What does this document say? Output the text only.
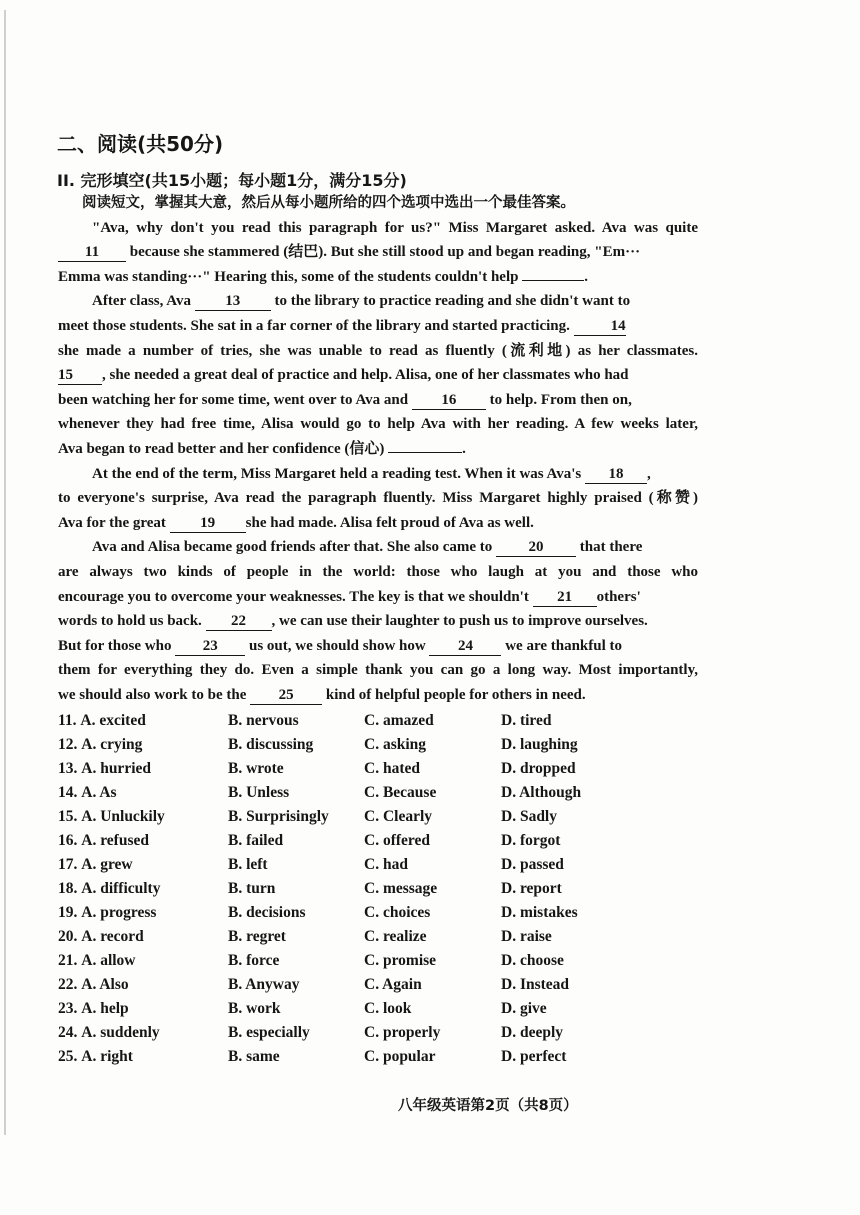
二、阅读(共50分)
II. 完形填空(共15小题；每小题1分，满分15分)
阅读短文，掌握其大意，然后从每小题所给的四个选项中选出一个最佳答案。
"Ava, why don't you read this paragraph for us?" Miss Margaret asked. Ava was quite
11 because she stammered (结巴). But she still stood up and began reading, "Em···
Emma was standing···" Hearing this, some of the students couldn't help	.
After class, Ava 13 to the library to practice reading and she didn't want to
meet those students. She sat in a far corner of the library and started practicing.	14
she made a number of tries, she was unable to read as fluently (流利地) as her classmates.
15 , she needed a great deal of practice and help. Alisa, one of her classmates who had
been watching her for some time, went over to Ava and 16 to help. From then on,
whenever they had free time, Alisa would go to help Ava with her reading. A few weeks later,
Ava began to read better and her confidence (信心)	.
At the end of the term, Miss Margaret held a reading test. When it was Ava's 18 ,
to everyone's surprise, Ava read the paragraph fluently. Miss Margaret highly praised (称赞)
Ava for the great 19 she had made. Alisa felt proud of Ava as well.
Ava and Alisa became good friends after that. She also came to 20 that there
are always two kinds of people in the world: those who laugh at you and those who
encourage you to overcome your weaknesses. The key is that we shouldn't 21 others'
words to hold us back. 22 , we can use their laughter to push us to improve ourselves.
But for those who 23 us out, we should show how 24 we are thankful to
them for everything they do. Even a simple thank you can go a long way. Most importantly,
we should also work to be the 25 kind of helpful people for others in need.
11. A. excited	B. nervous	C. amazed	D. tired
12. A. crying	B. discussing	C. asking	D. laughing
13. A. hurried	B. wrote	C. hated	D. dropped
14. A. As	B. Unless	C. Because	D. Although
15. A. Unluckily	B. Surprisingly	C. Clearly	D. Sadly
16. A. refused	B. failed	C. offered	D. forgot
17. A. grew	B. left	C. had	D. passed
18. A. difficulty	B. turn	C. message	D. report
19. A. progress	B. decisions	C. choices	D. mistakes
20. A. record	B. regret	C. realize	D. raise
21. A. allow	B. force	C. promise	D. choose
22. A. Also	B. Anyway	C. Again	D. Instead
23. A. help	B. work	C. look	D. give
24. A. suddenly	B. especially	C. properly	D. deeply
25. A. right	B. same	C. popular	D. perfect
八年级英语第2页（共8页）
